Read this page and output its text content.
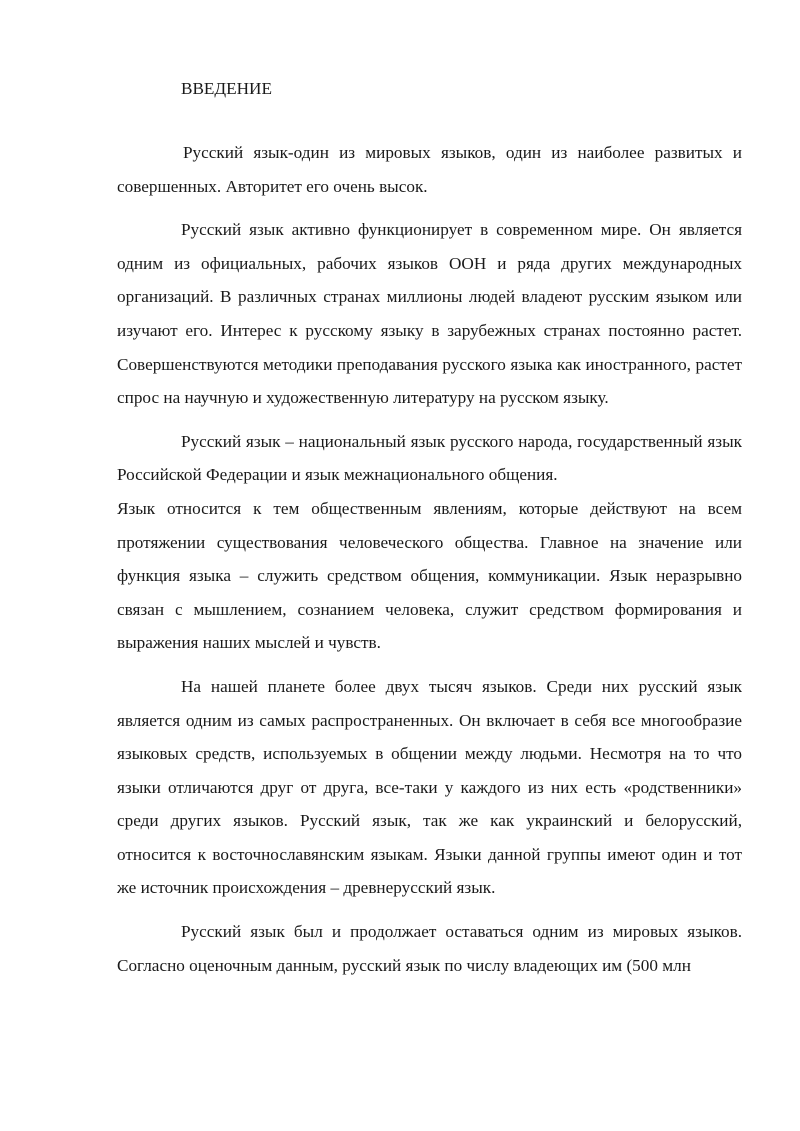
ВВЕДЕНИЕ

Русский язык-один из мировых языков, один из наиболее развитых и совершенных. Авторитет его очень высок.

Русский язык активно функционирует в современном мире. Он является одним из официальных, рабочих языков ООН и ряда других международных организаций. В различных странах миллионы людей владеют русским языком или изучают его. Интерес к русскому языку в зарубежных странах постоянно растет. Совершенствуются методики преподавания русского языка как иностранного, растет спрос на научную и художественную литературу на русском языку.

Русский язык – национальный язык русского народа, государственный язык Российской Федерации и язык межнационального общения.

Язык относится к тем общественным явлениям, которые действуют на всем протяжении существования человеческого общества. Главное на значение или функция языка – служить средством общения, коммуникации. Язык неразрывно связан с мышлением, сознанием человека, служит средством формирования и выражения наших мыслей и чувств.

На нашей планете более двух тысяч языков. Среди них русский язык является одним из самых распространенных. Он включает в себя все многообразие языковых средств, используемых в общении между людьми. Несмотря на то что языки отличаются друг от друга, все-таки у каждого из них есть «родственники» среди других языков. Русский язык, так же как украинский и белорусский, относится к восточнославянским языкам. Языки данной группы имеют один и тот же источник происхождения – древнерусский язык.

Русский язык был и продолжает оставаться одним из мировых языков. Согласно оценочным данным, русский язык по числу владеющих им (500 млн
